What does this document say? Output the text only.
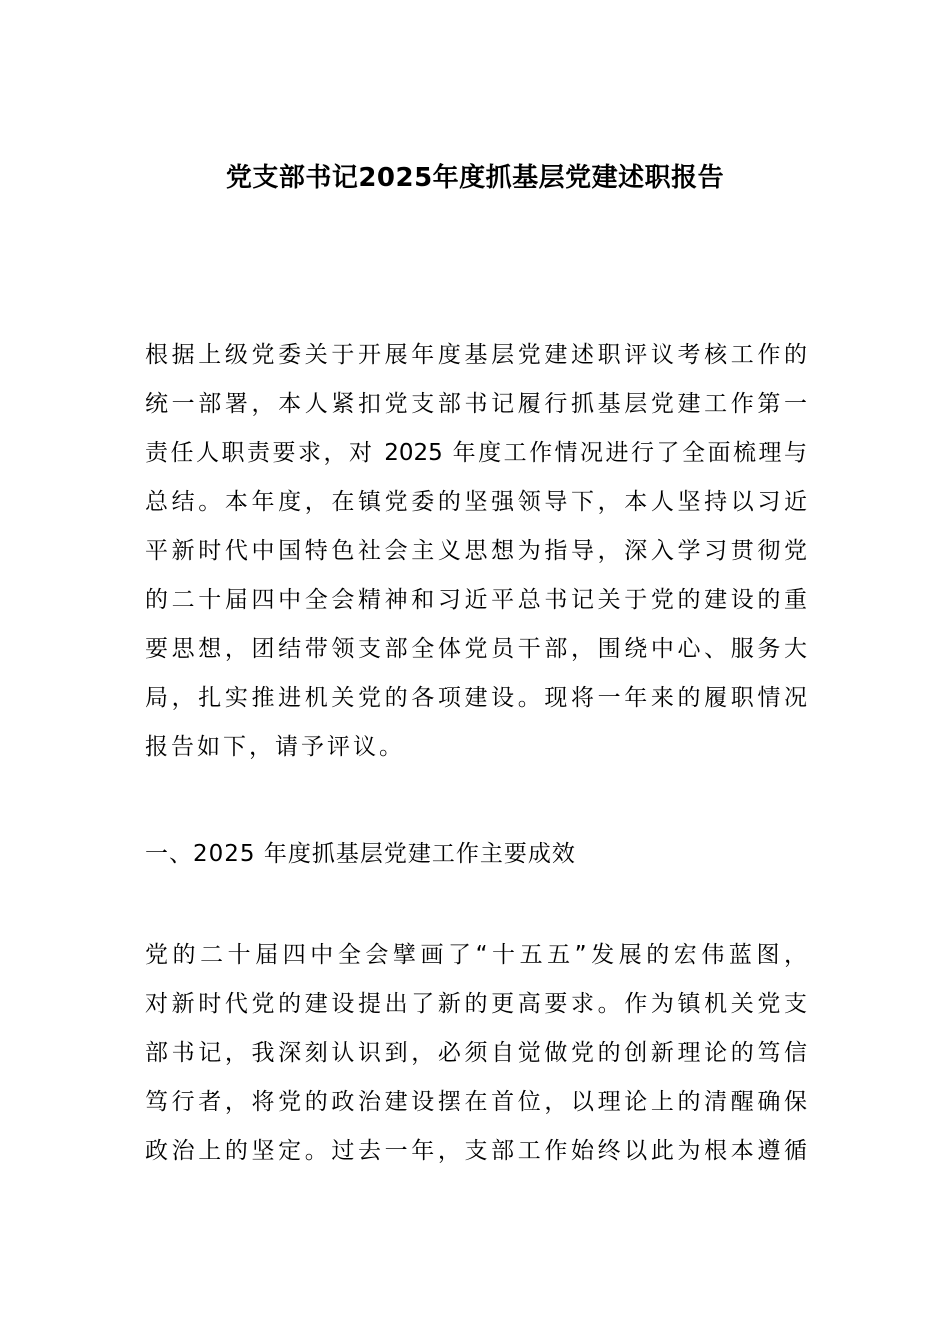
党支部书记2025年度抓基层党建述职报告
根据上级党委关于开展年度基层党建述职评议考核工作的
统一部署，本人紧扣党支部书记履行抓基层党建工作第一
责任人职责要求，对 2025 年度工作情况进行了全面梳理与
总结。本年度，在镇党委的坚强领导下，本人坚持以习近
平新时代中国特色社会主义思想为指导，深入学习贯彻党
的二十届四中全会精神和习近平总书记关于党的建设的重
要思想，团结带领支部全体党员干部，围绕中心、服务大
局，扎实推进机关党的各项建设。现将一年来的履职情况
报告如下，请予评议。
一、2025 年度抓基层党建工作主要成效
党的二十届四中全会擘画了“十五五”发展的宏伟蓝图，
对新时代党的建设提出了新的更高要求。作为镇机关党支
部书记，我深刻认识到，必须自觉做党的创新理论的笃信
笃行者，将党的政治建设摆在首位，以理论上的清醒确保
政治上的坚定。过去一年，支部工作始终以此为根本遵循
